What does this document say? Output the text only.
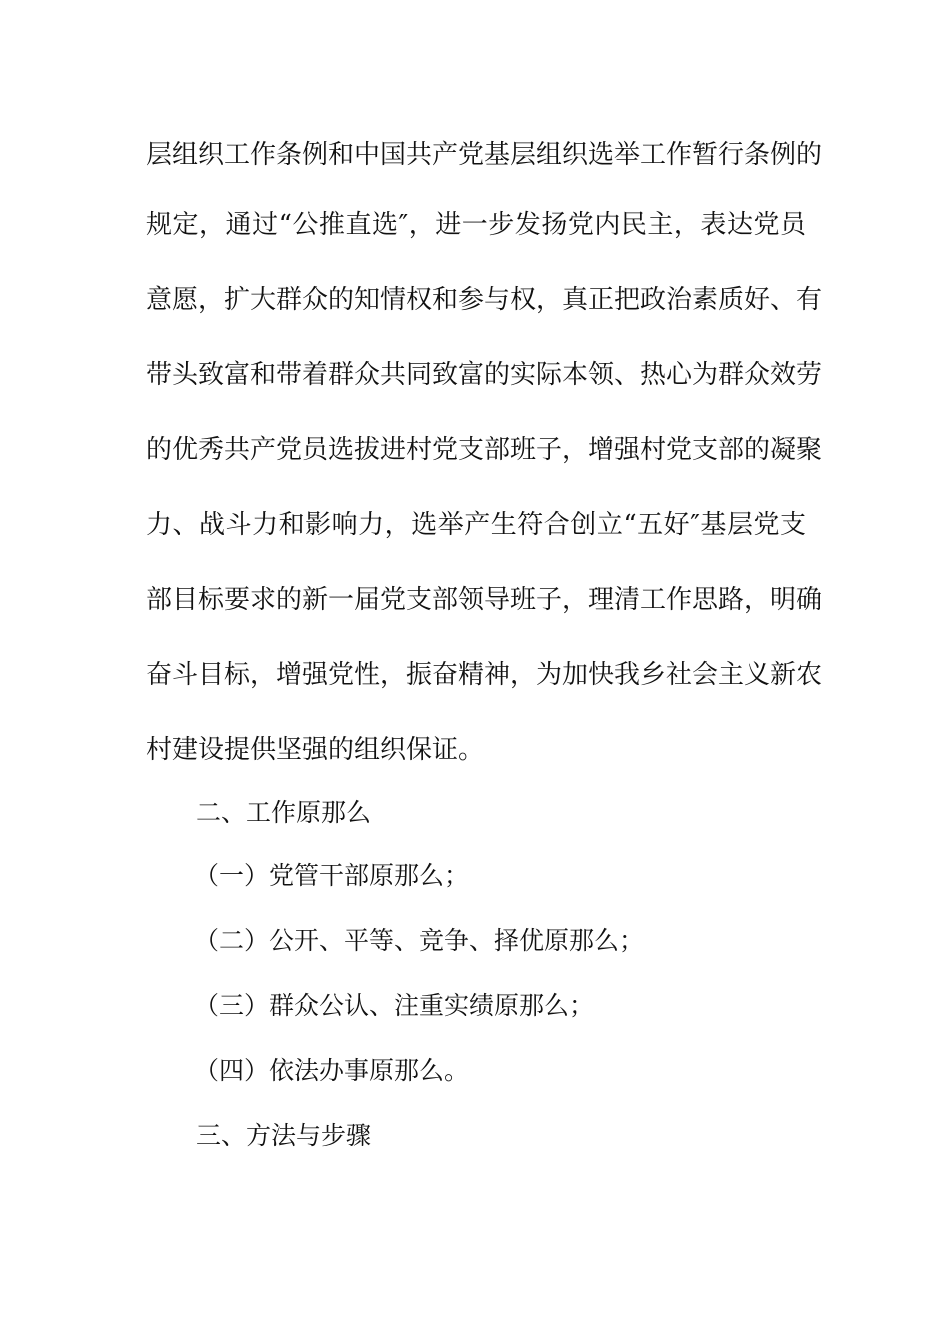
层组织工作条例和中国共产党基层组织选举工作暂行条例的
规定，通过“公推直选″，进一步发扬党内民主，表达党员
意愿，扩大群众的知情权和参与权，真正把政治素质好、有
带头致富和带着群众共同致富的实际本领、热心为群众效劳
的优秀共产党员选拔进村党支部班子，增强村党支部的凝聚
力、战斗力和影响力，选举产生符合创立“五好″基层党支
部目标要求的新一届党支部领导班子，理清工作思路，明确
奋斗目标，增强党性，振奋精神，为加快我乡社会主义新农
村建设提供坚强的组织保证。
二、工作原那么
（一）党管干部原那么；
（二）公开、平等、竞争、择优原那么；
（三）群众公认、注重实绩原那么；
（四）依法办事原那么。
三、方法与步骤
